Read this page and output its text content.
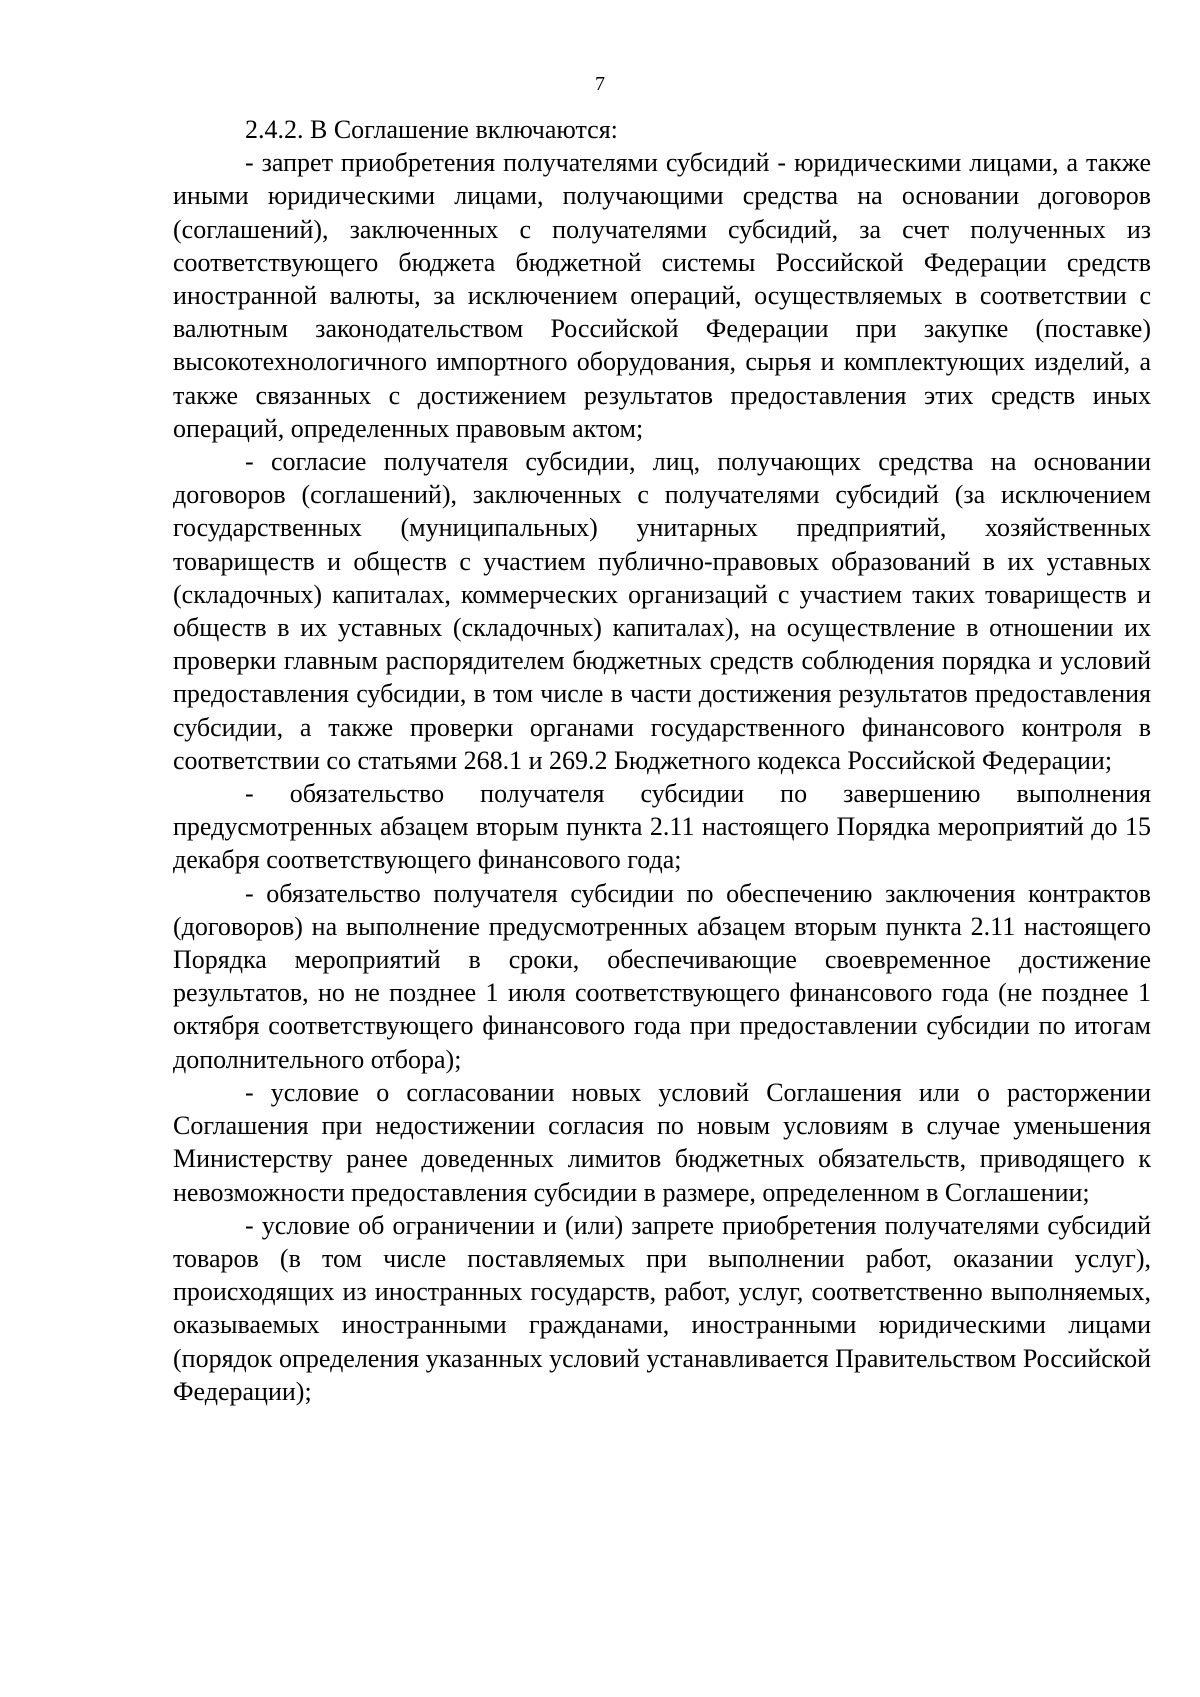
7

2.4.2. В Соглашение включаются:

- запрет приобретения получателями субсидий - юридическими лицами, а также иными юридическими лицами, получающими средства на основании договоров (соглашений), заключенных с получателями субсидий, за счет полученных из соответствующего бюджета бюджетной системы Российской Федерации средств иностранной валюты, за исключением операций, осуществляемых в соответствии с валютным законодательством Российской Федерации при закупке (поставке) высокотехнологичного импортного оборудования, сырья и комплектующих изделий, а также связанных с достижением результатов предоставления этих средств иных операций, определенных правовым актом;

- согласие получателя субсидии, лиц, получающих средства на основании договоров (соглашений), заключенных с получателями субсидий (за исключением государственных (муниципальных) унитарных предприятий, хозяйственных товариществ и обществ с участием публично-правовых образований в их уставных (складочных) капиталах, коммерческих организаций с участием таких товариществ и обществ в их уставных (складочных) капиталах), на осуществление в отношении их проверки главным распорядителем бюджетных средств соблюдения порядка и условий предоставления субсидии, в том числе в части достижения результатов предоставления субсидии, а также проверки органами государственного финансового контроля в соответствии со статьями 268.1 и 269.2 Бюджетного кодекса Российской Федерации;

- обязательство получателя субсидии по завершению выполнения предусмотренных абзацем вторым пункта 2.11 настоящего Порядка мероприятий до 15 декабря соответствующего финансового года;

- обязательство получателя субсидии по обеспечению заключения контрактов (договоров) на выполнение предусмотренных абзацем вторым пункта 2.11 настоящего Порядка мероприятий в сроки, обеспечивающие своевременное достижение результатов, но не позднее 1 июля соответствующего финансового года (не позднее 1 октября соответствующего финансового года при предоставлении субсидии по итогам дополнительного отбора);

- условие о согласовании новых условий Соглашения или о расторжении Соглашения при недостижении согласия по новым условиям в случае уменьшения Министерству ранее доведенных лимитов бюджетных обязательств, приводящего к невозможности предоставления субсидии в размере, определенном в Соглашении;

- условие об ограничении и (или) запрете приобретения получателями субсидий товаров (в том числе поставляемых при выполнении работ, оказании услуг), происходящих из иностранных государств, работ, услуг, соответственно выполняемых, оказываемых иностранными гражданами, иностранными юридическими лицами (порядок определения указанных условий устанавливается Правительством Российской Федерации);
